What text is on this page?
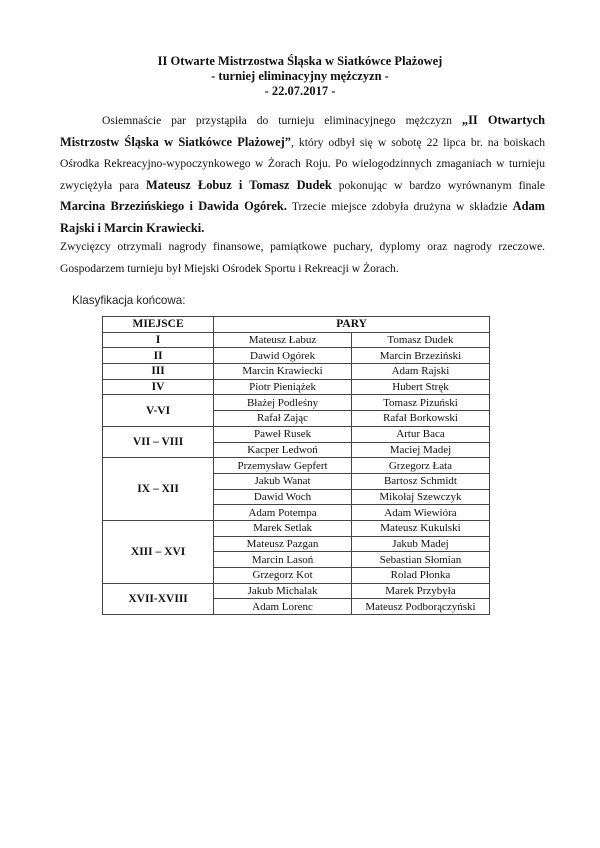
II Otwarte Mistrzostwa Śląska w Siatkówce Plażowej
- turniej eliminacyjny mężczyzn -
- 22.07.2017 -
Osiemnaście par przystąpiła do turnieju eliminacyjnego mężczyzn „II Otwartych Mistrzostw Śląska w Siatkówce Plażowej”, który odbył się w sobotę 22 lipca br. na boiskach Ośrodka Rekreacyjno-wypoczynkowego w Żorach Roju. Po wielogodzinnych zmaganiach w turnieju zwyciężyła para Mateusz Łobuz i Tomasz Dudek pokonując w bardzo wyrównanym finale Marcina Brzezińskiego i Dawida Ogórek. Trzecie miejsce zdobyła drużyna w składzie Adam Rajski i Marcin Krawiecki.
Zwycięzcy otrzymali nagrody finansowe, pamiątkowe puchary, dyplomy oraz nagrody rzeczowe. Gospodarzem turnieju był Miejski Ośrodek Sportu i Rekreacji w Żorach.
Klasyfikacja końcowa:
MIEJSCE	PARY	
I	Mateusz Łabuz	Tomasz Dudek
II	Dawid Ogórek	Marcin Brzeziński
III	Marcin Krawiecki	Adam Rajski
IV	Piotr Pieniążek	Hubert Stręk
V-VI	Błażej Podleśny	Tomasz Pizuński
	Rafał Zając	Rafał Borkowski
VII – VIII	Paweł Rusek	Artur Baca
	Kacper Ledwoń	Maciej Madej
IX – XII	Przemysław Gepfert	Grzegorz Łata
	Jakub Wanat	Bartosz Schmidt
	Dawid Woch	Mikołaj Szewczyk
	Adam Potempa	Adam Wiewióra
XIII – XVI	Marek Setlak	Mateusz Kukulski
	Mateusz Pazgan	Jakub Madej
	Marcin Lasoń	Sebastian Słomian
	Grzegorz Kot	Rolad Płonka
XVII-XVIII	Jakub Michalak	Marek Przybyła
	Adam Lorenc	Mateusz Podborączyński
